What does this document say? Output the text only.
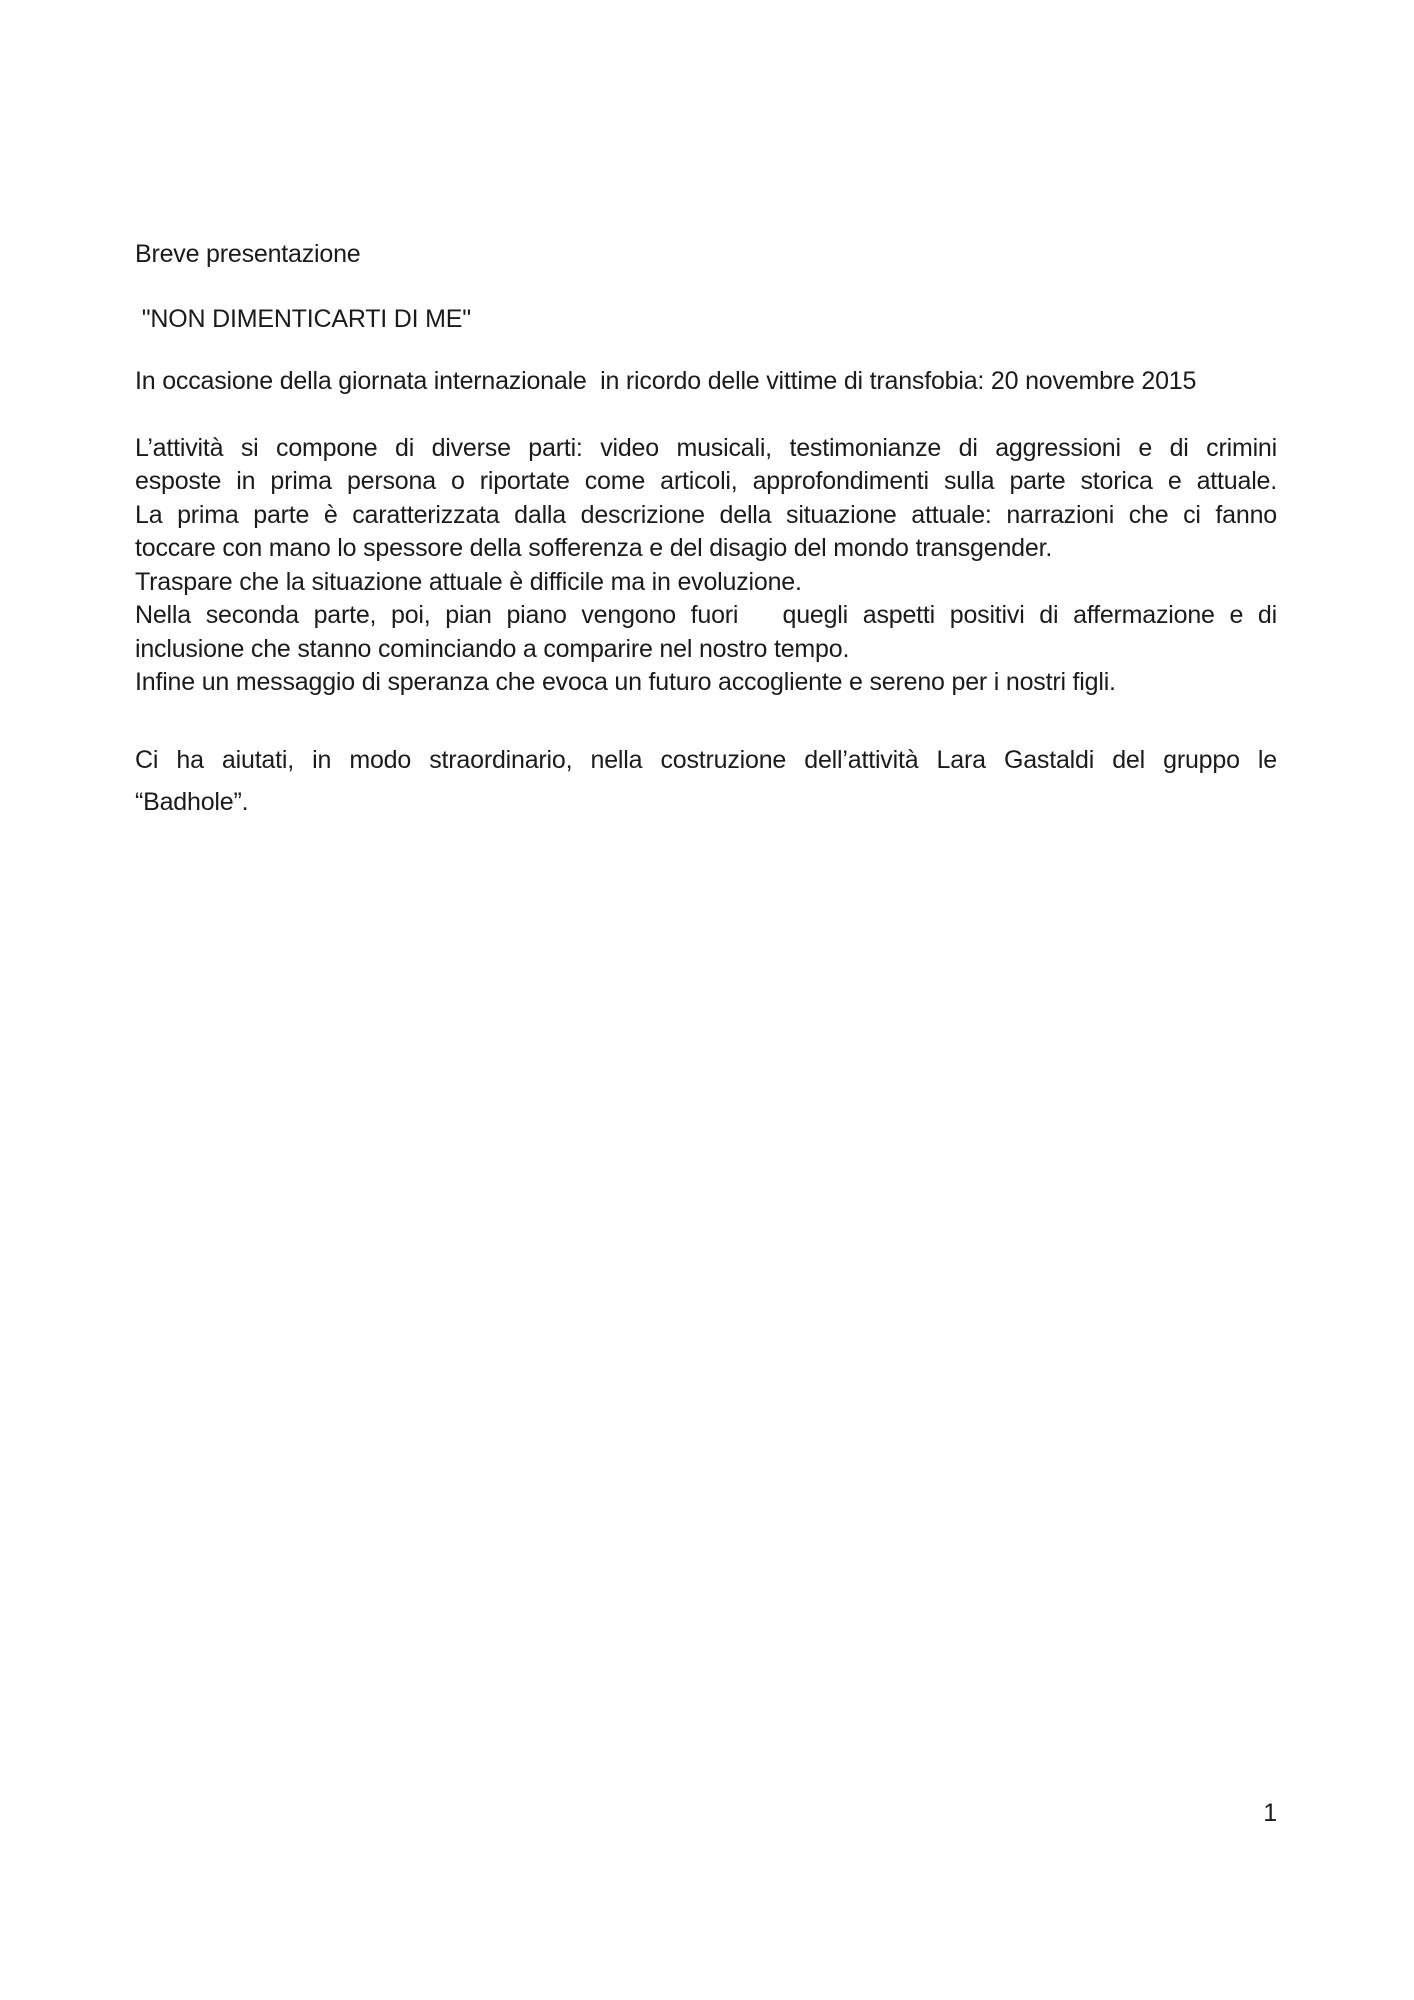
Breve presentazione

"NON DIMENTICARTI DI ME"

In occasione della giornata internazionale  in ricordo delle vittime di transfobia: 20 novembre 2015

L’attività si compone di diverse parti: video musicali, testimonianze di aggressioni e di crimini

esposte in prima persona o riportate come articoli, approfondimenti sulla parte storica e attuale.

La prima parte è caratterizzata dalla descrizione della situazione attuale: narrazioni che ci fanno

toccare con mano lo spessore della sofferenza e del disagio del mondo transgender.

Traspare che la situazione attuale è difficile ma in evoluzione.

Nella seconda parte, poi, pian piano vengono fuori   quegli aspetti positivi di affermazione e di

inclusione che stanno cominciando a comparire nel nostro tempo.

Infine un messaggio di speranza che evoca un futuro accogliente e sereno per i nostri figli.

Ci ha aiutati, in modo straordinario, nella costruzione dell’attività Lara Gastaldi del gruppo le

“Badhole”.

1
